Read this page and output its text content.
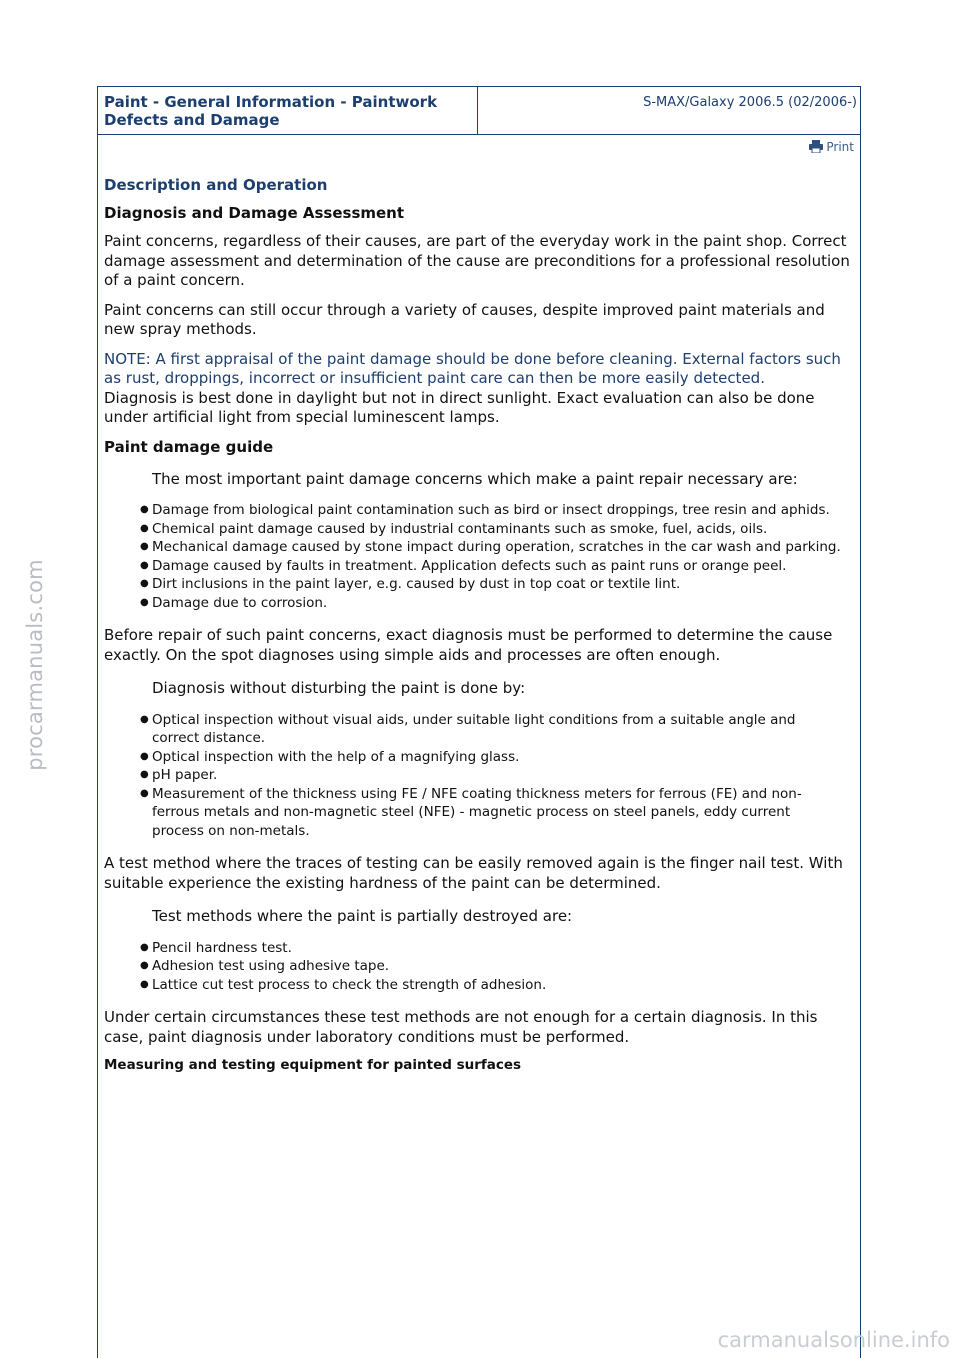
procarmanuals.com
Paint - General Information - Paintwork Defects and Damage
S-MAX/Galaxy 2006.5 (02/2006-)
Print
Description and Operation
Diagnosis and Damage Assessment

Paint concerns, regardless of their causes, are part of the everyday work in the paint shop. Correct damage assessment and determination of the cause are preconditions for a professional resolution of a paint concern.

Paint concerns can still occur through a variety of causes, despite improved paint materials and new spray methods.

NOTE: A first appraisal of the paint damage should be done before cleaning. External factors such as rust, droppings, incorrect or insufficient paint care can then be more easily detected.

Diagnosis is best done in daylight but not in direct sunlight. Exact evaluation can also be done under artificial light from special luminescent lamps.

Paint damage guide
The most important paint damage concerns which make a paint repair necessary are:
● Damage from biological paint contamination such as bird or insect droppings, tree resin and aphids.
● Chemical paint damage caused by industrial contaminants such as smoke, fuel, acids, oils.
● Mechanical damage caused by stone impact during operation, scratches in the car wash and parking.
● Damage caused by faults in treatment. Application defects such as paint runs or orange peel.
● Dirt inclusions in the paint layer, e.g. caused by dust in top coat or textile lint.
● Damage due to corrosion.

Before repair of such paint concerns, exact diagnosis must be performed to determine the cause exactly. On the spot diagnoses using simple aids and processes are often enough.

Diagnosis without disturbing the paint is done by:
● Optical inspection without visual aids, under suitable light conditions from a suitable angle and correct distance.
● Optical inspection with the help of a magnifying glass.
● pH paper.
● Measurement of the thickness using FE / NFE coating thickness meters for ferrous (FE) and non-ferrous metals and non-magnetic steel (NFE) - magnetic process on steel panels, eddy current process on non-metals.

A test method where the traces of testing can be easily removed again is the finger nail test. With suitable experience the existing hardness of the paint can be determined.

Test methods where the paint is partially destroyed are:
● Pencil hardness test.
● Adhesion test using adhesive tape.
● Lattice cut test process to check the strength of adhesion.

Under certain circumstances these test methods are not enough for a certain diagnosis. In this case, paint diagnosis under laboratory conditions must be performed.

Measuring and testing equipment for painted surfaces
carmanualsonline.info
